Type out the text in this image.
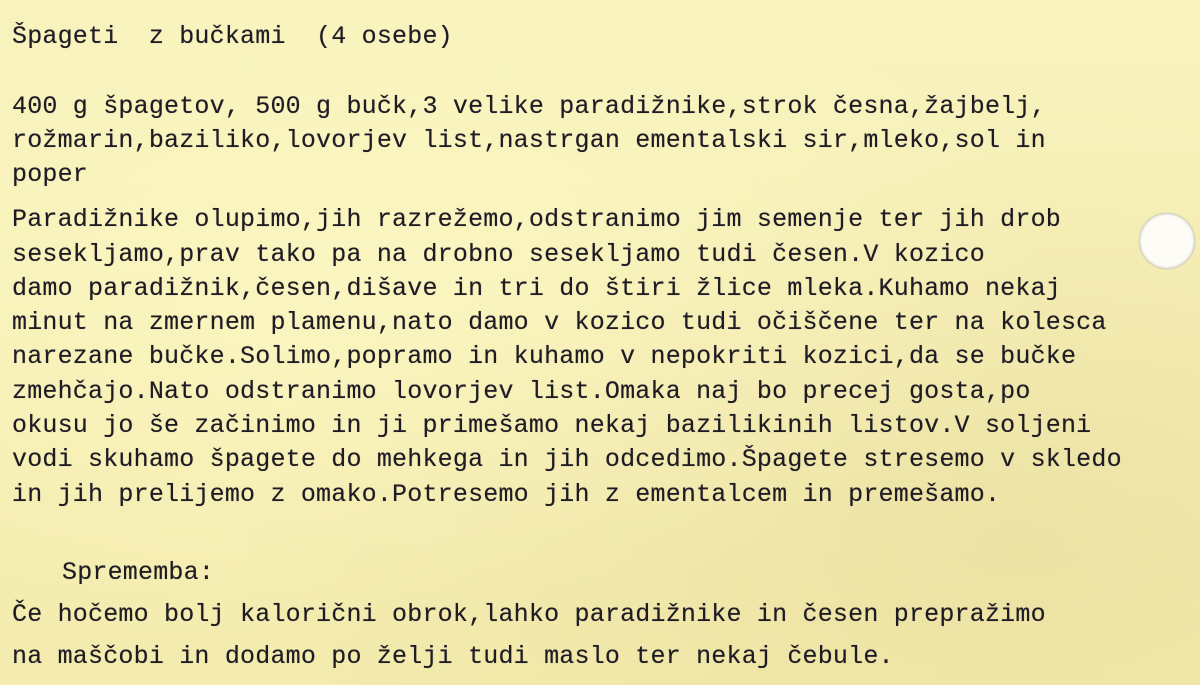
Špageti  z bučkami  (4 osebe)
400 g špagetov, 500 g bučk,3 velike paradižnike,strok česna,žajbelj,
rožmarin,baziliko,lovorjev list,nastrgan ementalski sir,mleko,sol in
poper
Paradižnike olupimo,jih razrežemo,odstranimo jim semenje ter jih drob
sesekljamo,prav tako pa na drobno sesekljamo tudi česen.V kozico
damo paradižnik,česen,dišave in tri do štiri žlice mleka.Kuhamo nekaj
minut na zmernem plamenu,nato damo v kozico tudi očiščene ter na kolesca
narezane bučke.Solimo,popramo in kuhamo v nepokriti kozici,da se bučke
zmehčajo.Nato odstranimo lovorjev list.Omaka naj bo precej gosta,po
okusu jo še začinimo in ji primešamo nekaj bazilikinih listov.V soljeni
vodi skuhamo špagete do mehkega in jih odcedimo.Špagete stresemo v skledo
in jih prelijemo z omako.Potresemo jih z ementalcem in premešamo.
Sprememba:
Če hočemo bolj kalorični obrok,lahko paradižnike in česen prepražimo
na maščobi in dodamo po želji tudi maslo ter nekaj čebule.
